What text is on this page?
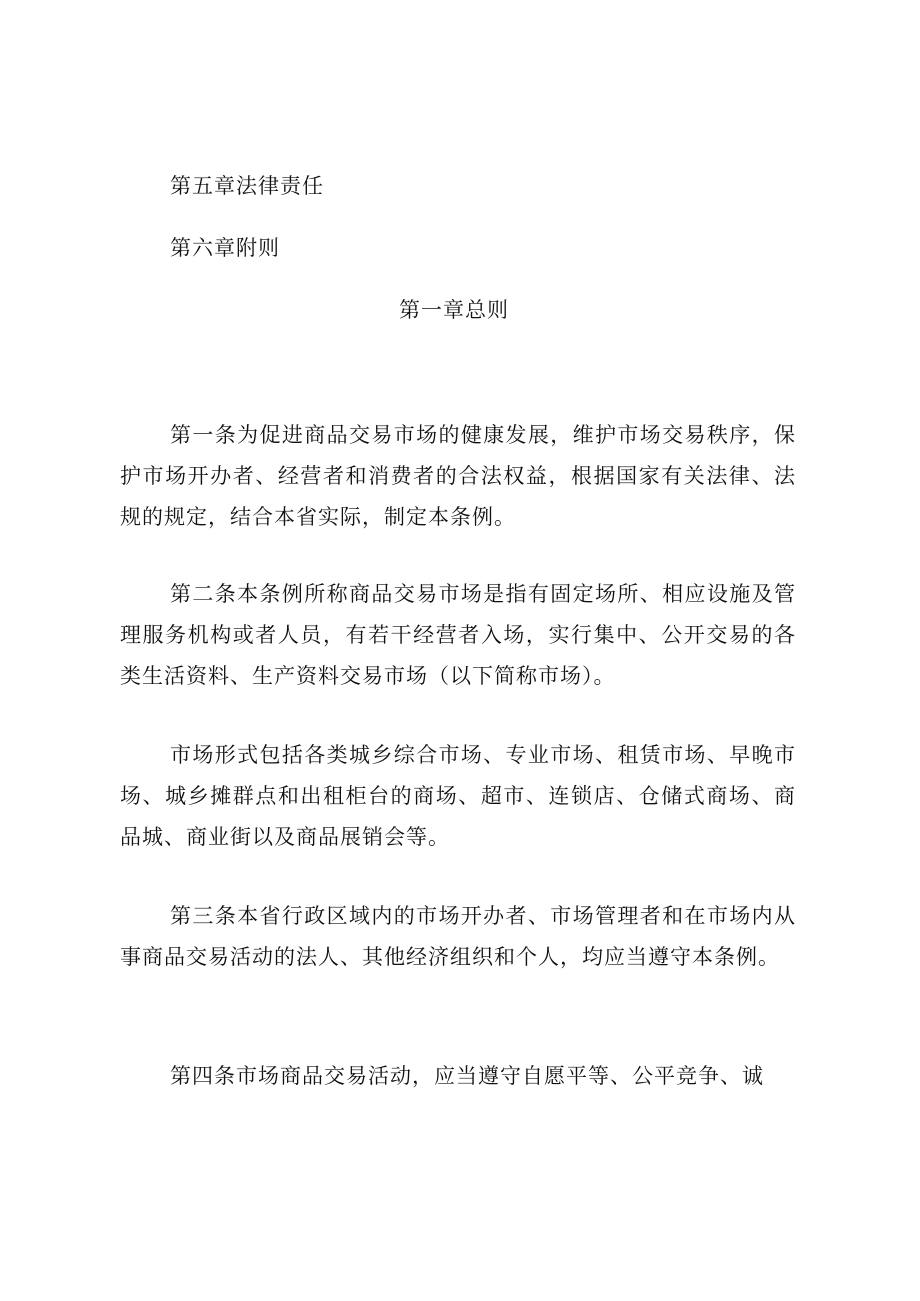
第五章法律责任
第六章附则
第一章总则

第一条为促进商品交易市场的健康发展，维护市场交易秩序，保护市场开办者、经营者和消费者的合法权益，根据国家有关法律、法规的规定，结合本省实际，制定本条例。

第二条本条例所称商品交易市场是指有固定场所、相应设施及管理服务机构或者人员，有若干经营者入场，实行集中、公开交易的各类生活资料、生产资料交易市场（以下简称市场）。

市场形式包括各类城乡综合市场、专业市场、租赁市场、早晚市场、城乡摊群点和出租柜台的商场、超市、连锁店、仓储式商场、商品城、商业街以及商品展销会等。

第三条本省行政区域内的市场开办者、市场管理者和在市场内从事商品交易活动的法人、其他经济组织和个人，均应当遵守本条例。

第四条市场商品交易活动，应当遵守自愿平等、公平竞争、诚
